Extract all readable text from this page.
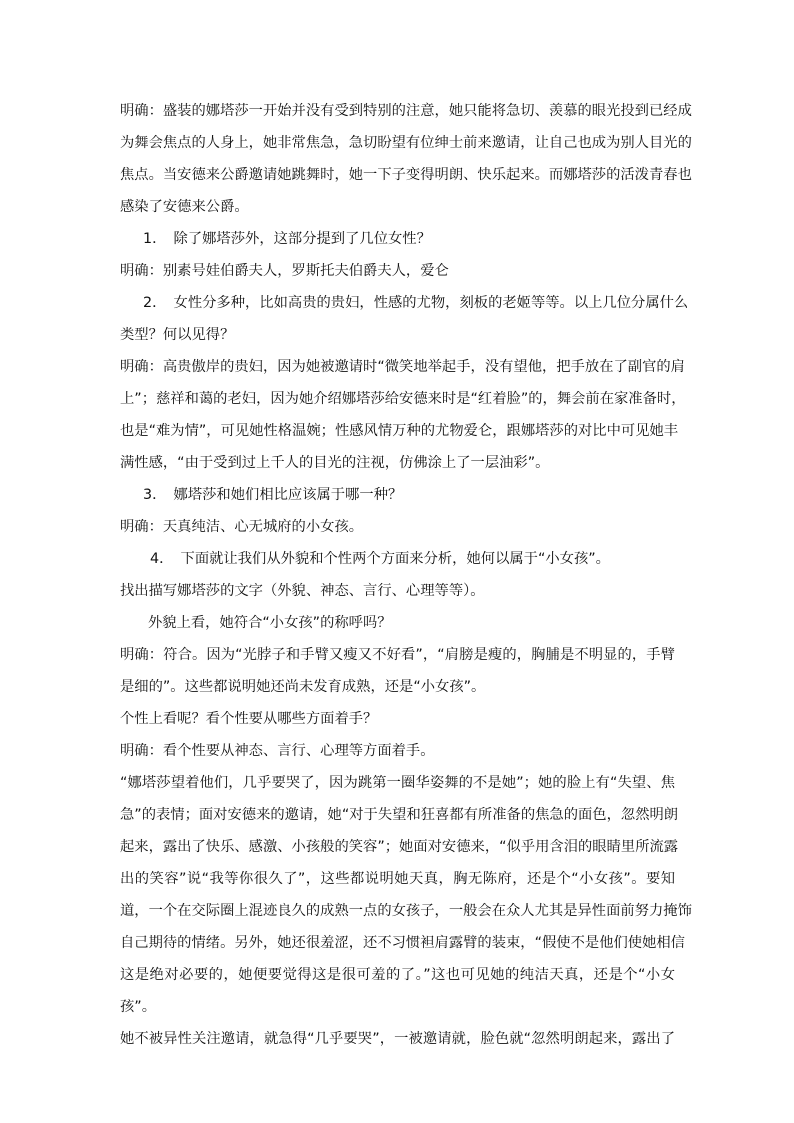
明确：盛装的娜塔莎一开始并没有受到特别的注意，她只能将急切、羡慕的眼光投到已经成

为舞会焦点的人身上，她非常焦急，急切盼望有位绅士前来邀请，让自己也成为别人目光的

焦点。当安德来公爵邀请她跳舞时，她一下子变得明朗、快乐起来。而娜塔莎的活泼青春也

感染了安德来公爵。

1．　除了娜塔莎外，这部分提到了几位女性？

明确：别素号娃伯爵夫人，罗斯托夫伯爵夫人，爱仑

2．　女性分多种，比如高贵的贵妇，性感的尤物，刻板的老姬等等。以上几位分属什么

类型？何以见得？

明确：高贵傲岸的贵妇，因为她被邀请时“微笑地举起手，没有望他，把手放在了副官的肩

上”；慈祥和蔼的老妇，因为她介绍娜塔莎给安德来时是“红着脸”的，舞会前在家准备时，

也是“难为情”，可见她性格温婉；性感风情万种的尤物爱仑，跟娜塔莎的对比中可见她丰

满性感，“由于受到过上千人的目光的注视，仿佛涂上了一层油彩”。

3．　娜塔莎和她们相比应该属于哪一种？

明确：天真纯洁、心无城府的小女孩。

4．　下面就让我们从外貌和个性两个方面来分析，她何以属于“小女孩”。

找出描写娜塔莎的文字（外貌、神态、言行、心理等等）。

外貌上看，她符合“小女孩”的称呼吗？

明确：符合。因为“光脖子和手臂又瘦又不好看”，“肩膀是瘦的，胸脯是不明显的，手臂

是细的”。这些都说明她还尚未发育成熟，还是“小女孩”。

个性上看呢？看个性要从哪些方面着手？

明确：看个性要从神态、言行、心理等方面着手。

“娜塔莎望着他们，几乎要哭了，因为跳第一圈华姿舞的不是她”；她的脸上有“失望、焦

急”的表情；面对安德来的邀请，她“对于失望和狂喜都有所准备的焦急的面色，忽然明朗

起来，露出了快乐、感激、小孩般的笑容”；她面对安德来，“似乎用含泪的眼睛里所流露

出的笑容”说“我等你很久了”，这些都说明她天真，胸无陈府，还是个“小女孩”。要知

道，一个在交际圈上混迹良久的成熟一点的女孩子，一般会在众人尤其是异性面前努力掩饰

自己期待的情绪。另外，她还很羞涩，还不习惯袒肩露臂的装束，“假使不是他们使她相信

这是绝对必要的，她便要觉得这是很可羞的了。”这也可见她的纯洁天真，还是个“小女

孩”。

她不被异性关注邀请，就急得“几乎要哭”，一被邀请就，脸色就“忽然明朗起来，露出了
